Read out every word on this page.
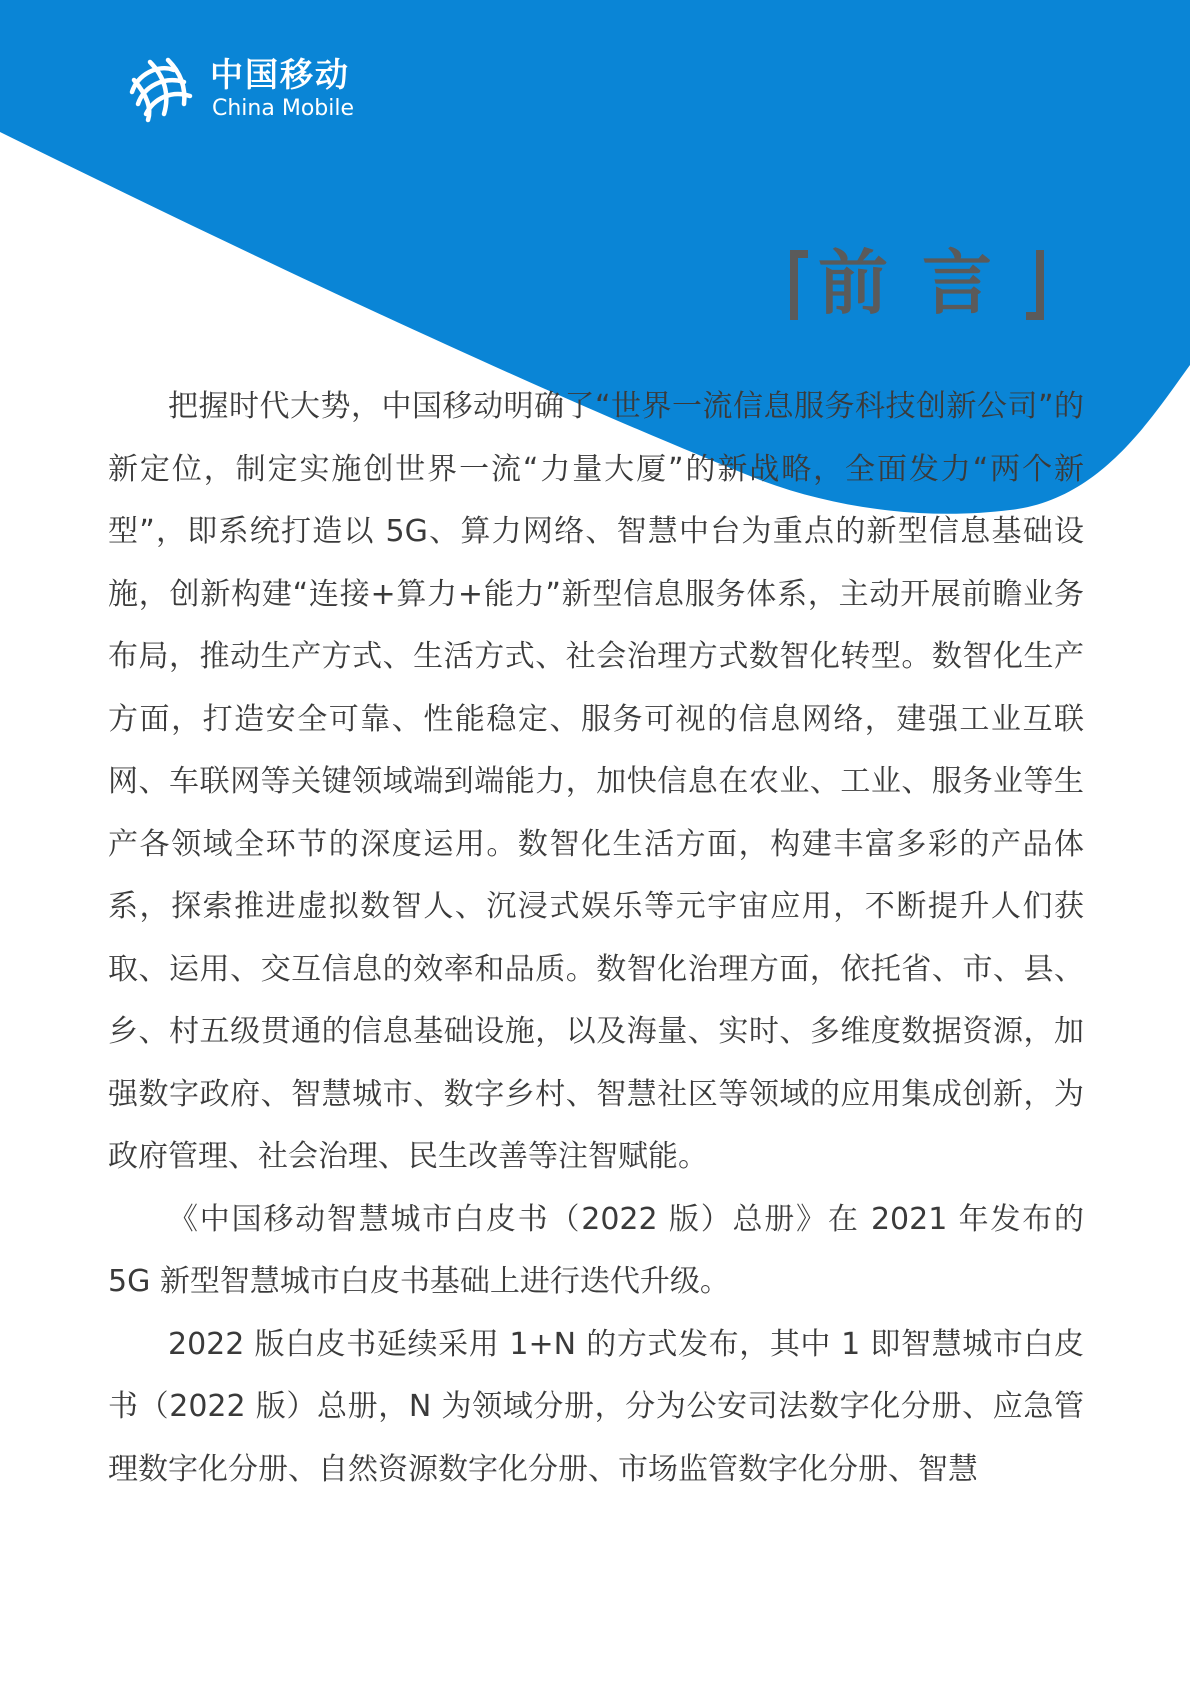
中国移动
China Mobile
前言

把握时代大势，中国移动明确了“世界一流信息服务科技创新公司”的新定位，制定实施创世界一流“力量大厦”的新战略，全面发力“两个新型”，即系统打造以 5G、算力网络、智慧中台为重点的新型信息基础设施，创新构建“连接+算力+能力”新型信息服务体系，主动开展前瞻业务布局，推动生产方式、生活方式、社会治理方式数智化转型。数智化生产方面，打造安全可靠、性能稳定、服务可视的信息网络，建强工业互联网、车联网等关键领域端到端能力，加快信息在农业、工业、服务业等生产各领域全环节的深度运用。数智化生活方面，构建丰富多彩的产品体系，探索推进虚拟数智人、沉浸式娱乐等元宇宙应用，不断提升人们获取、运用、交互信息的效率和品质。数智化治理方面，依托省、市、县、乡、村五级贯通的信息基础设施，以及海量、实时、多维度数据资源，加强数字政府、智慧城市、数字乡村、智慧社区等领域的应用集成创新，为政府管理、社会治理、民生改善等注智赋能。

《中国移动智慧城市白皮书（2022 版）总册》在 2021 年发布的 5G 新型智慧城市白皮书基础上进行迭代升级。

2022 版白皮书延续采用 1+N 的方式发布，其中 1 即智慧城市白皮书（2022 版）总册，N 为领域分册，分为公安司法数字化分册、应急管理数字化分册、自然资源数字化分册、市场监管数字化分册、智慧
